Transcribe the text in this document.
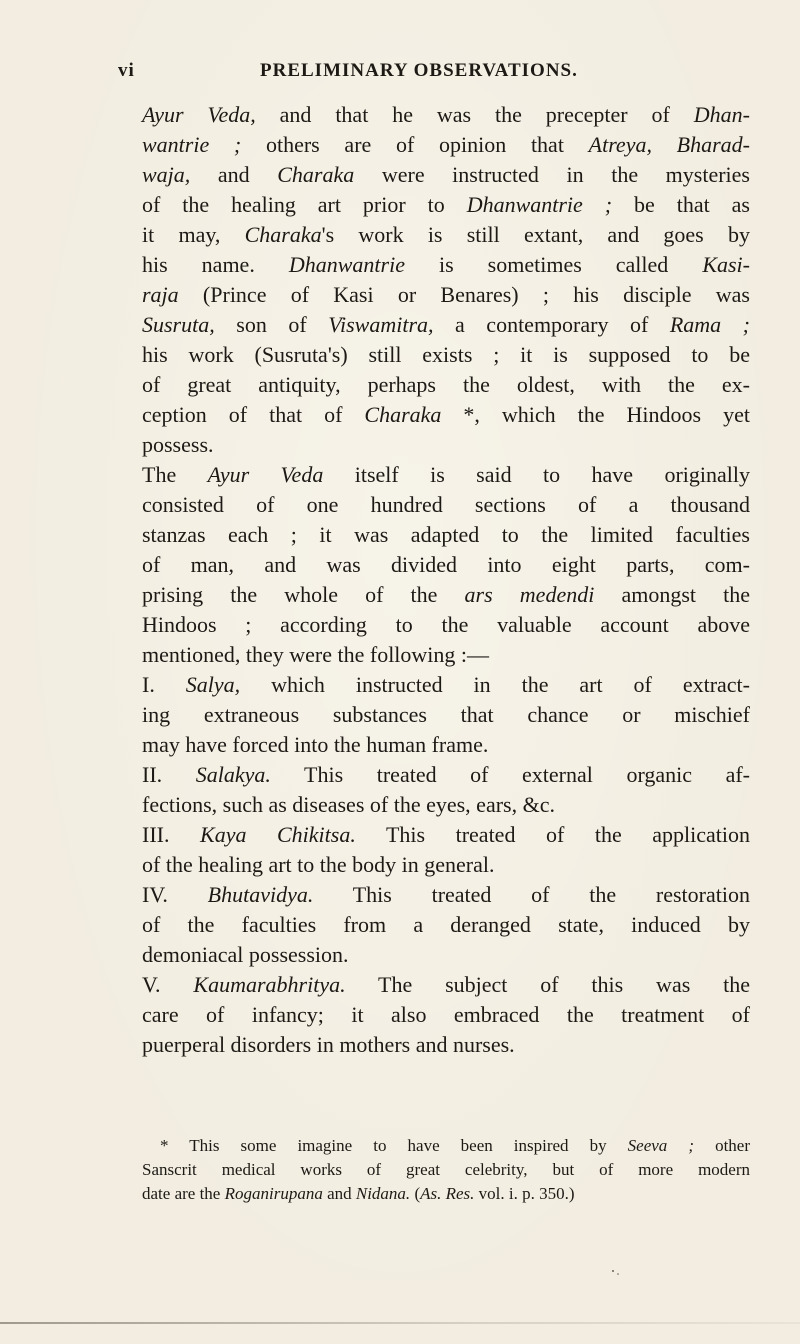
vi	PRELIMINARY OBSERVATIONS.
Ayur Veda, and that he was the precepter of Dhan-
wantrie ; others are of opinion that Atreya, Bharad-
waja, and Charaka were instructed in the mysteries
of the healing art prior to Dhanwantrie ; be that as
it may, Charaka's work is still extant, and goes by
his name. Dhanwantrie is sometimes called Kasi-
raja (Prince of Kasi or Benares) ; his disciple was
Susruta, son of Viswamitra, a contemporary of Rama ;
his work (Susruta's) still exists ; it is supposed to be
of great antiquity, perhaps the oldest, with the ex-
ception of that of Charaka *, which the Hindoos yet
possess.
The Ayur Veda itself is said to have originally
consisted of one hundred sections of a thousand
stanzas each ; it was adapted to the limited faculties
of man, and was divided into eight parts, com-
prising the whole of the ars medendi amongst the
Hindoos ; according to the valuable account above
mentioned, they were the following :—
I. Salya, which instructed in the art of extract-
ing extraneous substances that chance or mischief
may have forced into the human frame.
II. Salakya. This treated of external organic af-
fections, such as diseases of the eyes, ears, &c.
III. Kaya Chikitsa. This treated of the application
of the healing art to the body in general.
IV. Bhutavidya. This treated of the restoration
of the faculties from a deranged state, induced by
demoniacal possession.
V. Kaumarabhritya. The subject of this was the
care of infancy; it also embraced the treatment of
puerperal disorders in mothers and nurses.
* This some imagine to have been inspired by Seeva ; other
Sanscrit medical works of great celebrity, but of more modern
date are the Roganirupana and Nidana. (As. Res. vol. i. p. 350.)
